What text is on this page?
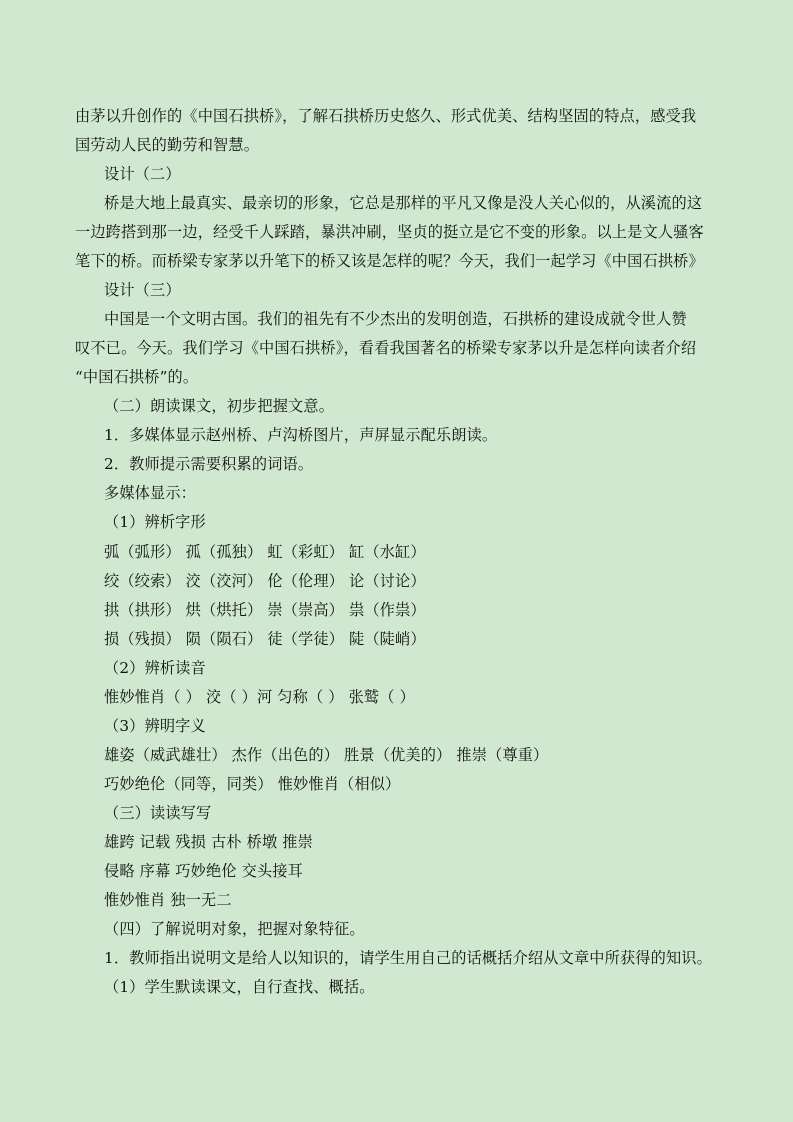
由茅以升创作的《中国石拱桥》，了解石拱桥历史悠久、形式优美、结构坚固的特点，感受我
国劳动人民的勤劳和智慧。
设计（二）
桥是大地上最真实、最亲切的形象，它总是那样的平凡又像是没人关心似的，从溪流的这
一边跨搭到那一边，经受千人踩踏，暴洪冲刷，坚贞的挺立是它不变的形象。以上是文人骚客
笔下的桥。而桥梁专家茅以升笔下的桥又该是怎样的呢？今天，我们一起学习《中国石拱桥》
设计（三）
中国是一个文明古国。我们的祖先有不少杰出的发明创造，石拱桥的建设成就令世人赞
叹不已。今天。我们学习《中国石拱桥》，看看我国著名的桥梁专家茅以升是怎样向读者介绍
“中国石拱桥”的。
（二）朗读课文，初步把握文意。
1．多媒体显示赵州桥、卢沟桥图片，声屏显示配乐朗读。
2．教师提示需要积累的词语。
多媒体显示：
（1）辨析字形
弧（弧形） 孤（孤独） 虹（彩虹） 缸（水缸）
绞（绞索） 洨（洨河） 伦（伦理） 论（讨论）
拱（拱形） 烘（烘托） 崇（崇高） 祟（作祟）
损（残损） 陨（陨石） 徒（学徒） 陡（陡峭）
（2）辨析读音
惟妙惟肖（ ） 洨（ ）河 匀称（ ） 张鹫（ ）
（3）辨明字义
雄姿（威武雄壮） 杰作（出色的） 胜景（优美的） 推崇（尊重）
巧妙绝伦（同等，同类） 惟妙惟肖（相似）
（三）读读写写
雄跨 记载 残损 古朴 桥墩 推崇
侵略 序幕 巧妙绝伦 交头接耳
惟妙惟肖 独一无二
（四）了解说明对象，把握对象特征。
1．教师指出说明文是给人以知识的，请学生用自己的话概括介绍从文章中所获得的知识。
（1）学生默读课文，自行查找、概括。
